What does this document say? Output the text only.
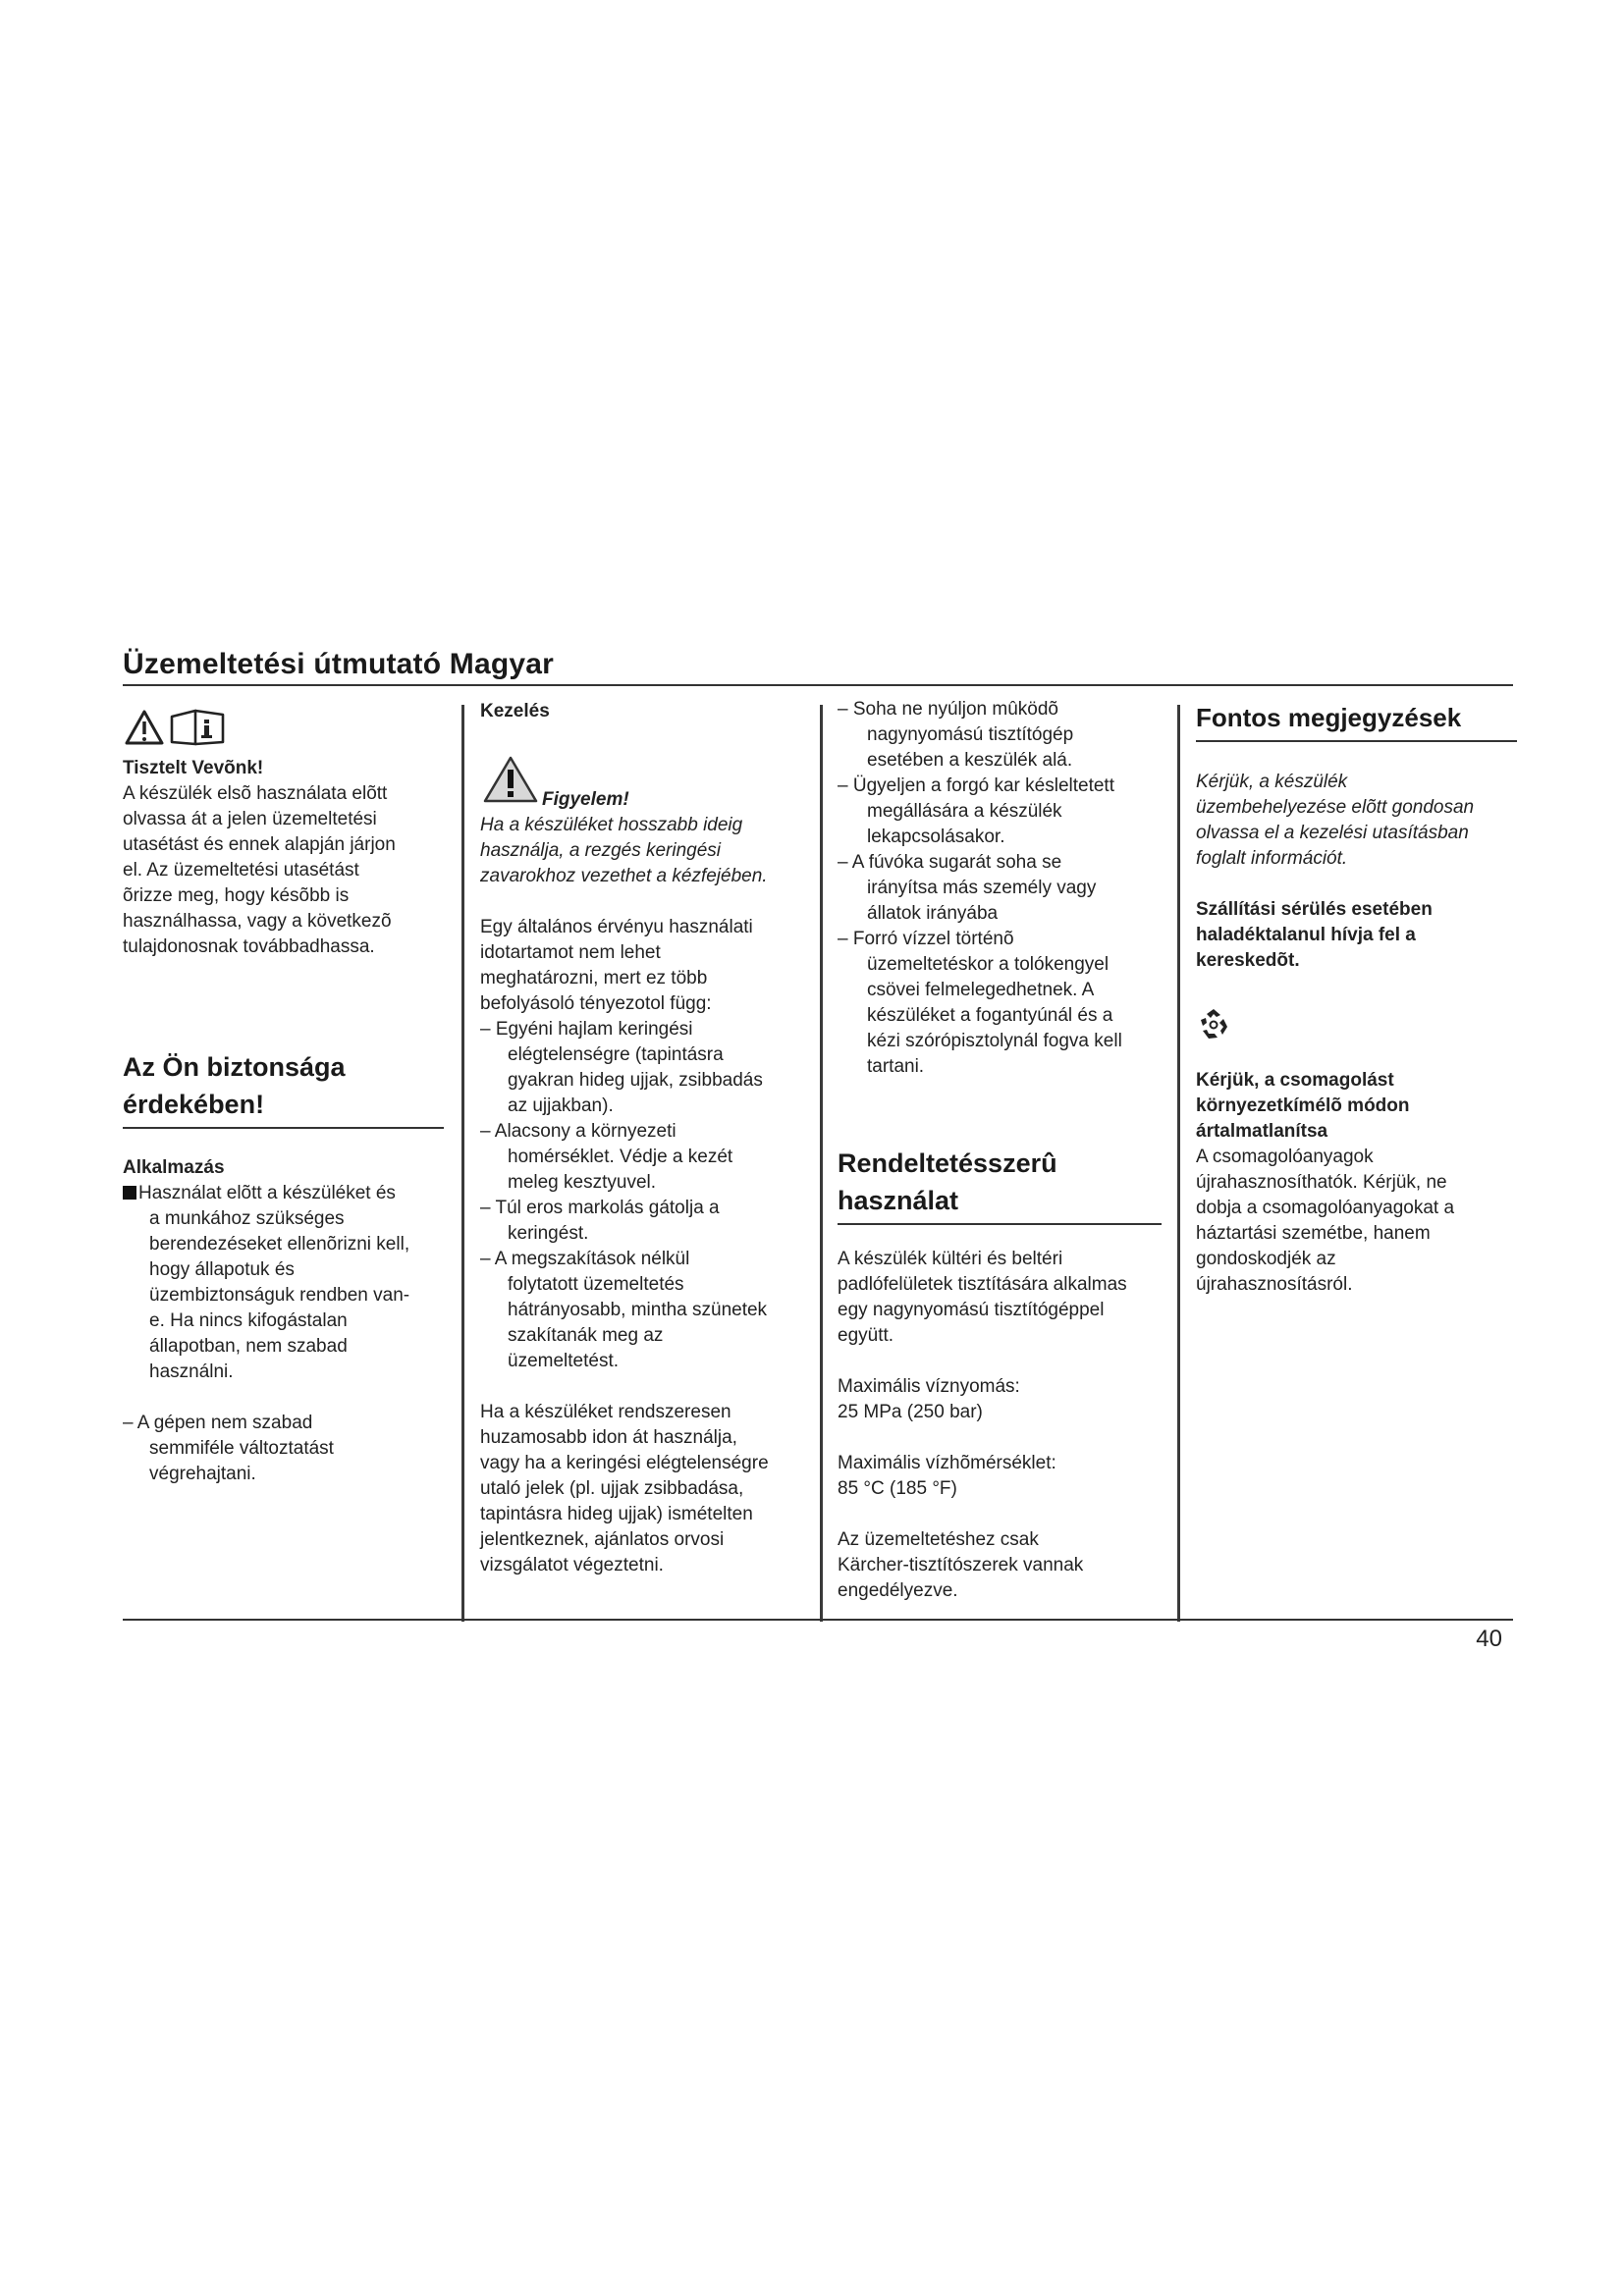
Üzemeltetési útmutató Magyar

Tisztelt Vevõnk!

A készülék elsõ használata elõtt

olvassa át a jelen üzemeltetési

utasétást és ennek alapján járjon

el. Az üzemeltetési utasétást

õrizze meg, hogy késõbb is

használhassa, vagy a következõ

tulajdonosnak továbbadhassa.

Az Ön biztonsága
érdekében!

Alkalmazás

Használat elõtt a készüléket és

a munkához szükséges

berendezéseket ellenõrizni kell,

hogy állapotuk és

üzembiztonságuk rendben van-

e. Ha nincs kifogástalan

állapotban, nem szabad

használni.

– A gépen nem szabad

semmiféle változtatást

végrehajtani.

Kezelés

Figyelem!

Ha a készüléket hosszabb ideig

használja, a rezgés keringési

zavarokhoz vezethet a kézfejében.

Egy általános érvényu használati

idotartamot nem lehet

meghatározni, mert ez több

befolyásoló tényezotol függ:

– Egyéni hajlam keringési

elégtelenségre (tapintásra

gyakran hideg ujjak, zsibbadás

az ujjakban).

– Alacsony a környezeti

homérséklet. Védje a kezét

meleg kesztyuvel.

– Túl eros markolás gátolja a

keringést.

– A megszakítások nélkül

folytatott üzemeltetés

hátrányosabb, mintha szünetek

szakítanák meg az

üzemeltetést.

Ha a készüléket rendszeresen

huzamosabb idon át használja,

vagy ha a keringési elégtelenségre

utaló jelek (pl. ujjak zsibbadása,

tapintásra hideg ujjak) ismételten

jelentkeznek, ajánlatos orvosi

vizsgálatot végeztetni.

– Soha ne nyúljon mûködõ

nagynyomású tisztítógép

esetében a keszülék alá.

– Ügyeljen a forgó kar késleltetett

megállására a készülék

lekapcsolásakor.

– A fúvóka sugarát soha se

irányítsa más személy vagy

állatok irányába

– Forró vízzel történõ

üzemeltetéskor a tolókengyel

csövei felmelegedhetnek. A

készüléket a fogantyúnál és a

kézi szórópisztolynál fogva kell

tartani.

Rendeltetésszerû
használat

A készülék kültéri és beltéri

padlófelületek tisztítására alkalmas

egy nagynyomású tisztítógéppel

együtt.

Maximális víznyomás:

25 MPa (250 bar)

Maximális vízhõmérséklet:

85 °C (185 °F)

Az üzemeltetéshez csak

Kärcher-tisztítószerek vannak

engedélyezve.

Fontos megjegyzések

Kérjük, a készülék

üzembehelyezése elõtt gondosan

olvassa el a kezelési utasításban

foglalt információt.

Szállítási sérülés esetében

haladéktalanul hívja fel a

kereskedõt.

Kérjük, a csomagolást

környezetkímélõ módon

ártalmatlanítsa

A csomagolóanyagok

újrahasznosíthatók. Kérjük, ne

dobja a csomagolóanyagokat a

háztartási szemétbe, hanem

gondoskodjék az

újrahasznosításról.

40
